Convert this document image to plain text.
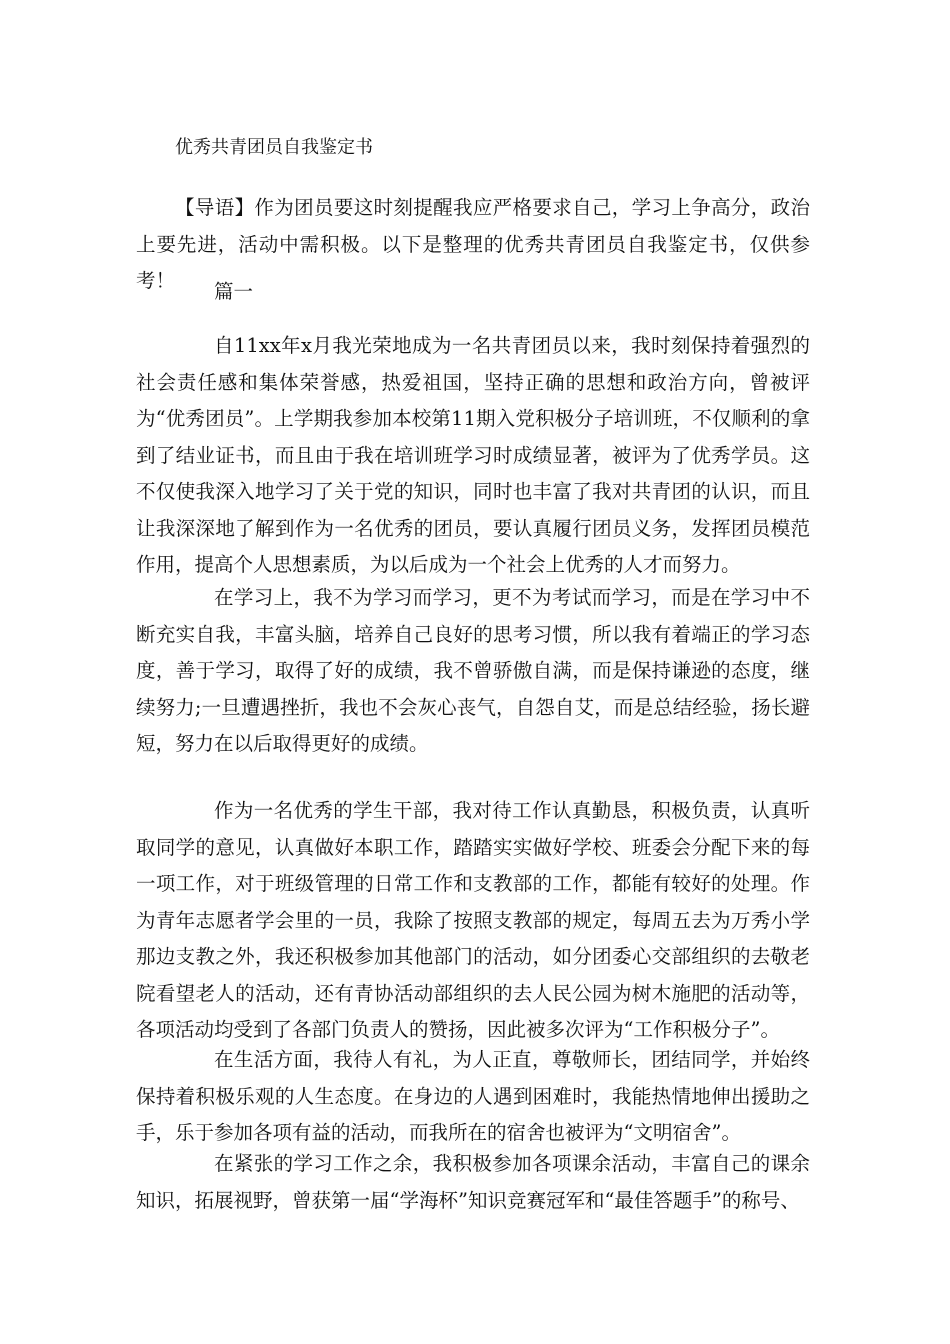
优秀共青团员自我鉴定书

【导语】作为团员要这时刻提醒我应严格要求自己，学习上争高分，政治上要先进，活动中需积极。以下是整理的优秀共青团员自我鉴定书，仅供参考！	篇一

自11xx年x月我光荣地成为一名共青团员以来，我时刻保持着强烈的社会责任感和集体荣誉感，热爱祖国，坚持正确的思想和政治方向，曾被评为“优秀团员”。上学期我参加本校第11期入党积极分子培训班，不仅顺利的拿到了结业证书，而且由于我在培训班学习时成绩显著，被评为了优秀学员。这不仅使我深入地学习了关于党的知识，同时也丰富了我对共青团的认识，而且让我深深地了解到作为一名优秀的团员，要认真履行团员义务，发挥团员模范作用，提高个人思想素质，为以后成为一个社会上优秀的人才而努力。

在学习上，我不为学习而学习，更不为考试而学习，而是在学习中不断充实自我，丰富头脑，培养自己良好的思考习惯，所以我有着端正的学习态度，善于学习，取得了好的成绩，我不曾骄傲自满，而是保持谦逊的态度，继续努力;一旦遭遇挫折，我也不会灰心丧气，自怨自艾，而是总结经验，扬长避短，努力在以后取得更好的成绩。

作为一名优秀的学生干部，我对待工作认真勤恳，积极负责，认真听取同学的意见，认真做好本职工作，踏踏实实做好学校、班委会分配下来的每一项工作，对于班级管理的日常工作和支教部的工作，都能有较好的处理。作为青年志愿者学会里的一员，我除了按照支教部的规定，每周五去为万秀小学那边支教之外，我还积极参加其他部门的活动，如分团委心交部组织的去敬老院看望老人的活动，还有青协活动部组织的去人民公园为树木施肥的活动等，各项活动均受到了各部门负责人的赞扬，因此被多次评为“工作积极分子”。

在生活方面，我待人有礼，为人正直，尊敬师长，团结同学，并始终保持着积极乐观的人生态度。在身边的人遇到困难时，我能热情地伸出援助之手，乐于参加各项有益的活动，而我所在的宿舍也被评为“文明宿舍”。

在紧张的学习工作之余，我积极参加各项课余活动，丰富自己的课余知识，拓展视野，曾获第一届“学海杯”知识竞赛冠军和“最佳答题手”的称号、
